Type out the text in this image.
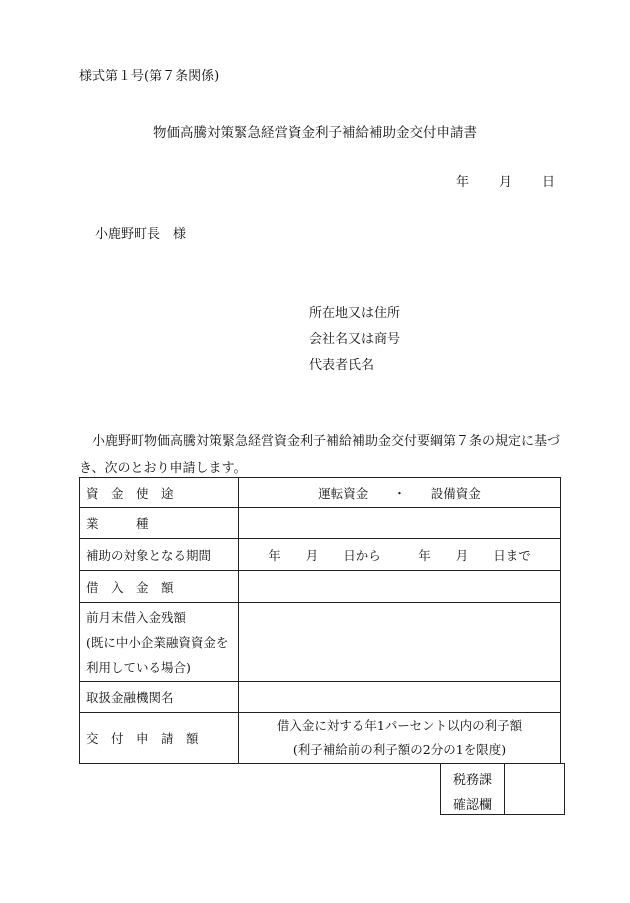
様式第１号(第７条関係)
物価高騰対策緊急経営資金利子補給補助金交付申請書
年 月 日
小鹿野町長　様
所在地又は住所
会社名又は商号
代表者氏名
小鹿野町物価高騰対策緊急経営資金利子補給補助金交付要綱第７条の規定に基づき、次のとおり申請します。
資　金　使　途	運転資金　　・　　設備資金
業　　　種	
補助の対象となる期間	年　　月　　日から　　　年　　月　　日まで
借　入　金　額	

前月末借入金残額
(既に中小企業融資資金を
利用している場合)	

取扱金融機関名	
交　付　申　請　額	借入金に対する年1パーセント以内の利子額
(利子補給前の利子額の2分の1を限度)
税務課
確認欄
